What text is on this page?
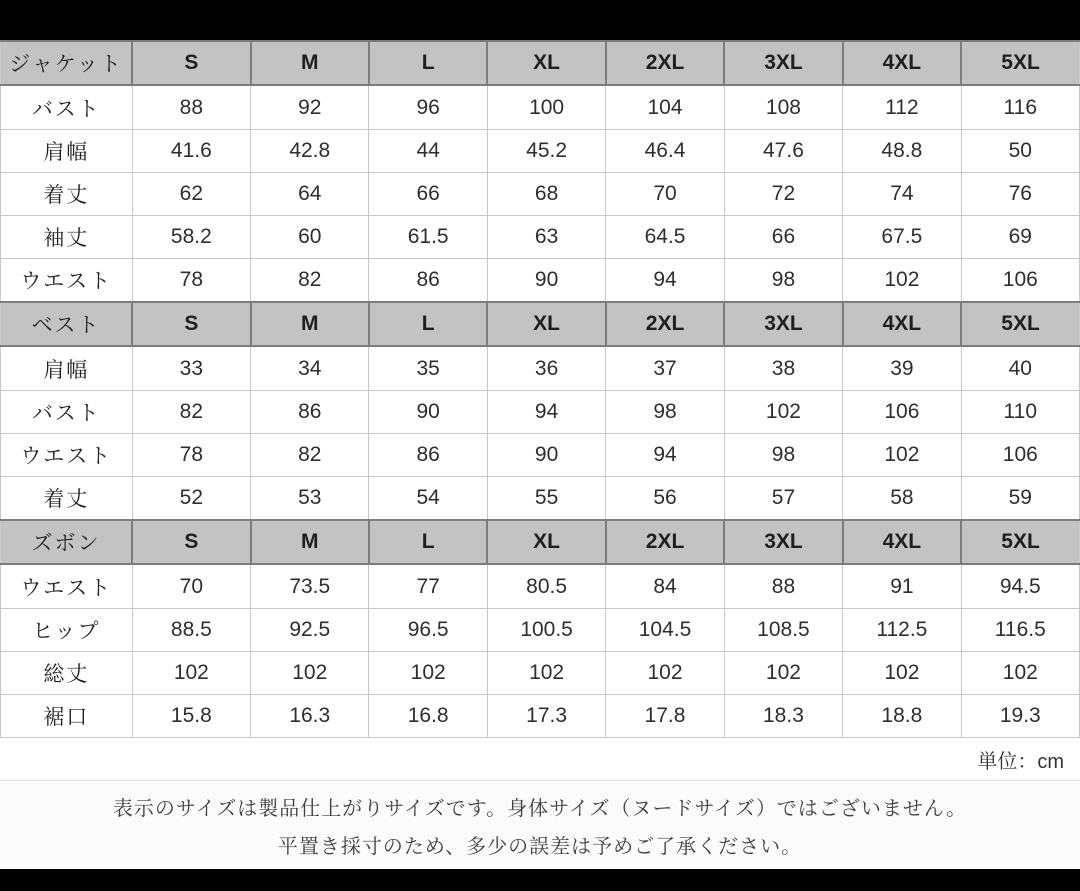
ジャケット	S	M	L	XL	2XL	3XL	4XL	5XL
バスト	88	92	96	100	104	108	112	116
肩幅	41.6	42.8	44	45.2	46.4	47.6	48.8	50
着丈	62	64	66	68	70	72	74	76
袖丈	58.2	60	61.5	63	64.5	66	67.5	69
ウエスト	78	82	86	90	94	98	102	106
ベスト	S	M	L	XL	2XL	3XL	4XL	5XL
肩幅	33	34	35	36	37	38	39	40
バスト	82	86	90	94	98	102	106	110
ウエスト	78	82	86	90	94	98	102	106
着丈	52	53	54	55	56	57	58	59
ズボン	S	M	L	XL	2XL	3XL	4XL	5XL
ウエスト	70	73.5	77	80.5	84	88	91	94.5
ヒップ	88.5	92.5	96.5	100.5	104.5	108.5	112.5	116.5
総丈	102	102	102	102	102	102	102	102
裾口	15.8	16.3	16.8	17.3	17.8	18.3	18.8	19.3
単位：cm

表示のサイズは製品仕上がりサイズです。身体サイズ（ヌードサイズ）ではございません。

平置き採寸のため、多少の誤差は予めご了承ください。
